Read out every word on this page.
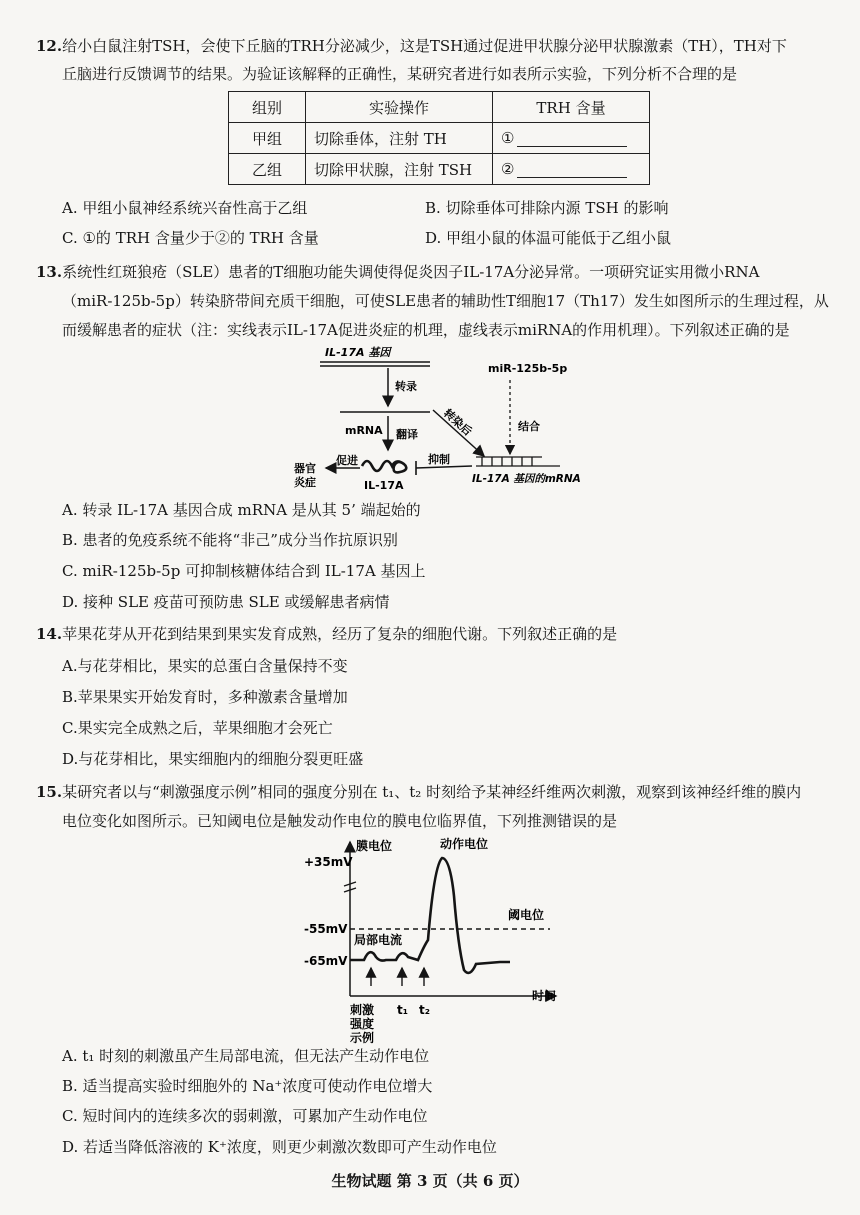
12.给小白鼠注射TSH，会使下丘脑的TRH分泌减少，这是TSH通过促进甲状腺分泌甲状腺激素（TH），TH对下
丘脑进行反馈调节的结果。为验证该解释的正确性，某研究者进行如表所示实验，下列分析不合理的是
组别	实验操作	TRH 含量
甲组	切除垂体，注射 TH	①
乙组	切除甲状腺，注射 TSH	②
A. 甲组小鼠神经系统兴奋性高于乙组	B. 切除垂体可排除内源 TSH 的影响
C. ①的 TRH 含量少于②的 TRH 含量	D. 甲组小鼠的体温可能低于乙组小鼠
13.系统性红斑狼疮（SLE）患者的T细胞功能失调使得促炎因子IL-17A分泌异常。一项研究证实用微小RNA
（miR-125b-5p）转染脐带间充质干细胞，可使SLE患者的辅助性T细胞17（Th17）发生如图所示的生理过程，从
而缓解患者的症状（注：实线表示IL-17A促进炎症的机理，虚线表示miRNA的作用机理）。下列叙述正确的是
IL-17A 基因
转录
miR-125b-5p
结合
转染后
mRNA 翻译
促进
器官
炎症	IL-17A
抑制
IL-17A 基因的mRNA
A. 转录 IL-17A 基因合成 mRNA 是从其 5’ 端起始的
B. 患者的免疫系统不能将“非己”成分当作抗原识别
C. miR-125b-5p 可抑制核糖体结合到 IL-17A 基因上
D. 接种 SLE 疫苗可预防患 SLE 或缓解患者病情
14.苹果花芽从开花到结果到果实发育成熟，经历了复杂的细胞代谢。下列叙述正确的是
A.与花芽相比，果实的总蛋白含量保持不变
B.苹果果实开始发育时，多种激素含量增加
C.果实完全成熟之后，苹果细胞才会死亡
D.与花芽相比，果实细胞内的细胞分裂更旺盛
15.某研究者以与“刺激强度示例”相同的强度分别在 t₁、t₂ 时刻给予某神经纤维两次刺激，观察到该神经纤维的膜内
电位变化如图所示。已知阈电位是触发动作电位的膜电位临界值，下列推测错误的是
膜电位
时间
+35mV
-55mV
-65mV
阈电位
动作电位
局部电流
刺激
强度
示例
t₁ t₂
A. t₁ 时刻的刺激虽产生局部电流，但无法产生动作电位
B. 适当提高实验时细胞外的 Na⁺浓度可使动作电位增大
C. 短时间内的连续多次的弱刺激，可累加产生动作电位
D. 若适当降低溶液的 K⁺浓度，则更少刺激次数即可产生动作电位
生物试题 第 3 页（共 6 页）
